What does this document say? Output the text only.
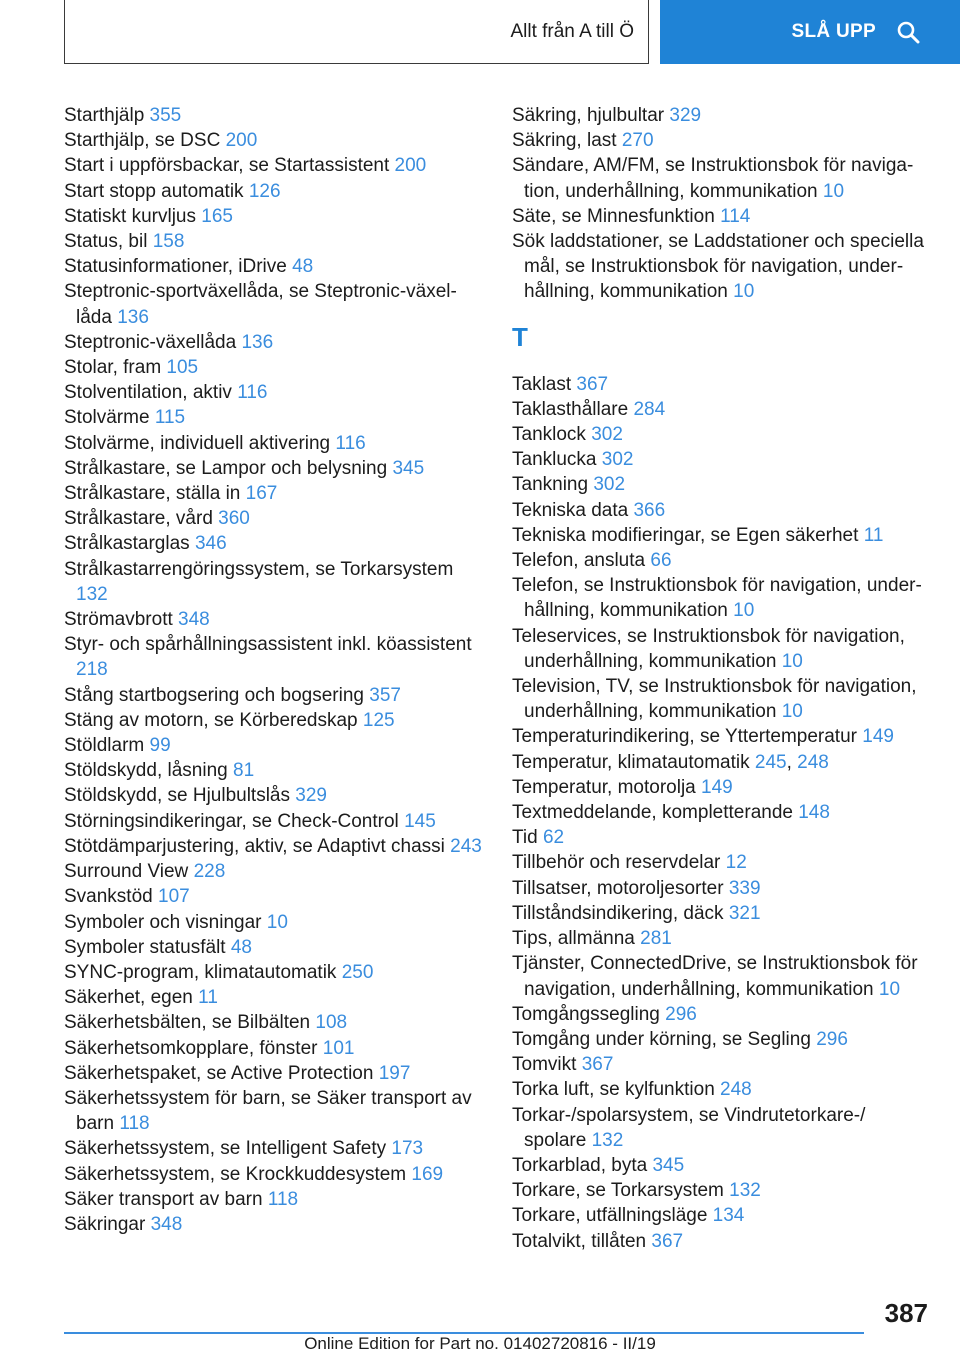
Allt från A till Ö	SLÅ UPP
Starthjälp 355
Starthjälp, se DSC 200
Start i uppförsbackar, se Startassistent 200
Start stopp automatik 126
Statiskt kurvljus 165
Status, bil 158
Statusinformationer, iDrive 48
Steptronic-sportväxellåda, se Steptronic-växellåda 136
Steptronic-växellåda 136
Stolar, fram 105
Stolventilation, aktiv 116
Stolvärme 115
Stolvärme, individuell aktivering 116
Strålkastare, se Lampor och belysning 345
Strålkastare, ställa in 167
Strålkastare, vård 360
Strålkastarglas 346
Strålkastarrengöringssystem, se Torkarsystem 132
Strömavbrott 348
Styr- och spårhållningsassistent inkl. köassistent 218
Stång startbogsering och bogsering 357
Stäng av motorn, se Körberedskap 125
Stöldlarm 99
Stöldskydd, låsning 81
Stöldskydd, se Hjulbultslås 329
Störningsindikeringar, se Check-Control 145
Stötdämparjustering, aktiv, se Adaptivt chassi 243
Surround View 228
Svankstöd 107
Symboler och visningar 10
Symboler statusfält 48
SYNC-program, klimatautomatik 250
Säkerhet, egen 11
Säkerhetsbälten, se Bilbälten 108
Säkerhetsomkopplare, fönster 101
Säkerhetspaket, se Active Protection 197
Säkerhetssystem för barn, se Säker transport av barn 118
Säkerhetssystem, se Intelligent Safety 173
Säkerhetssystem, se Krockkuddesystem 169
Säker transport av barn 118
Säkringar 348
Säkring, hjulbultar 329
Säkring, last 270
Sändare, AM/FM, se Instruktionsbok för navigation, underhållning, kommunikation 10
Säte, se Minnesfunktion 114
Sök laddstationer, se Laddstationer och speciella mål, se Instruktionsbok för navigation, underhållning, kommunikation 10
T
Taklast 367
Taklasthållare 284
Tanklock 302
Tanklucka 302
Tankning 302
Tekniska data 366
Tekniska modifieringar, se Egen säkerhet 11
Telefon, ansluta 66
Telefon, se Instruktionsbok för navigation, underhållning, kommunikation 10
Teleservices, se Instruktionsbok för navigation, underhållning, kommunikation 10
Television, TV, se Instruktionsbok för navigation, underhållning, kommunikation 10
Temperaturindikering, se Yttertemperatur 149
Temperatur, klimatautomatik 245, 248
Temperatur, motorolja 149
Textmeddelande, kompletterande 148
Tid 62
Tillbehör och reservdelar 12
Tillsatser, motoroljesorter 339
Tillståndsindikering, däck 321
Tips, allmänna 281
Tjänster, ConnectedDrive, se Instruktionsbok för navigation, underhållning, kommunikation 10
Tomgångssegling 296
Tomgång under körning, se Segling 296
Tomvikt 367
Torka luft, se kylfunktion 248
Torkar-/spolarsystem, se Vindrutetorkare-/ spolare 132
Torkarblad, byta 345
Torkare, se Torkarsystem 132
Torkare, utfällningsläge 134
Totalvikt, tillåten 367
387
Online Edition for Part no. 01402720816 - II/19
